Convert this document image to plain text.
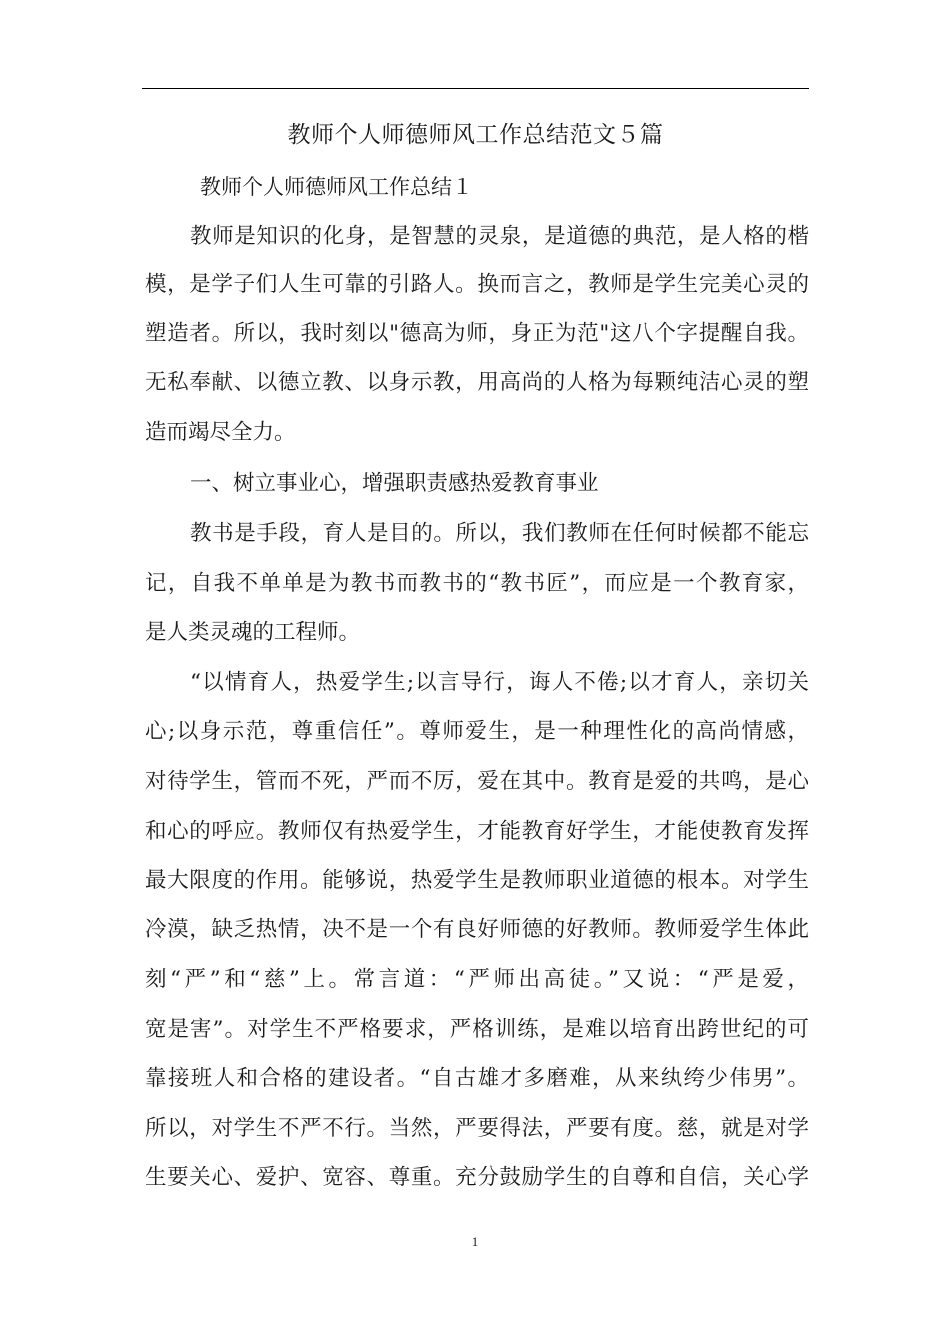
教师个人师德师风工作总结范文５篇
教师个人师德师风工作总结１
教师是知识的化身，是智慧的灵泉，是道德的典范，是人格的楷
模，是学子们人生可靠的引路人。换而言之，教师是学生完美心灵的
塑造者。所以，我时刻以"德高为师，身正为范"这八个字提醒自我。
无私奉献、以德立教、以身示教，用高尚的人格为每颗纯洁心灵的塑
造而竭尽全力。
一、树立事业心，增强职责感热爱教育事业
教书是手段，育人是目的。所以，我们教师在任何时候都不能忘
记，自我不单单是为教书而教书的“教书匠”，而应是一个教育家，
是人类灵魂的工程师。
“以情育人，热爱学生;以言导行，诲人不倦;以才育人，亲切关
心;以身示范，尊重信任”。尊师爱生，是一种理性化的高尚情感，
对待学生，管而不死，严而不厉，爱在其中。教育是爱的共鸣，是心
和心的呼应。教师仅有热爱学生，才能教育好学生，才能使教育发挥
最大限度的作用。能够说，热爱学生是教师职业道德的根本。对学生
冷漠，缺乏热情，决不是一个有良好师德的好教师。教师爱学生体此
刻“严”和“慈”上。常言道：“严师出高徒。”又说：“严是爱，
宽是害”。对学生不严格要求，严格训练，是难以培育出跨世纪的可
靠接班人和合格的建设者。“自古雄才多磨难，从来纨绔少伟男”。
所以，对学生不严不行。当然，严要得法，严要有度。慈，就是对学
生要关心、爱护、宽容、尊重。充分鼓励学生的自尊和自信，关心学
1
